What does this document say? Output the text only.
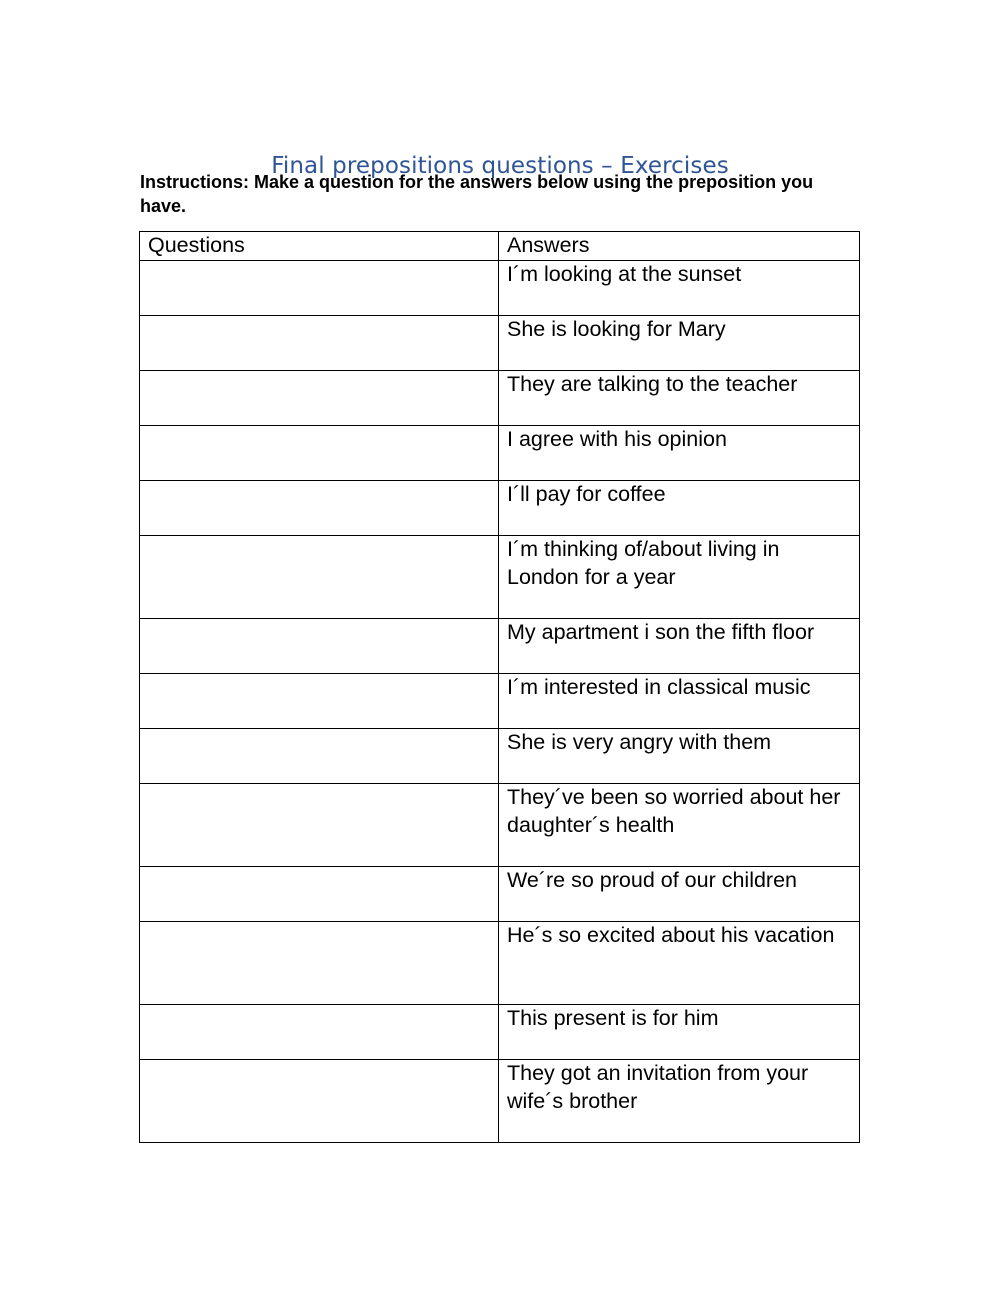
Final prepositions questions – Exercises
Instructions: Make a question for the answers below using the preposition you have.
Questions	Answers
	I´m looking at the sunset
	She is looking for Mary
	They are talking to the teacher
	I agree with his opinion
	I´ll pay for coffee
	I´m thinking of/about living in London for a year
	My apartment i son the fifth floor
	I´m interested in classical music
	She is very angry with them
	They´ve been so worried about her daughter´s health
	We´re so proud of our children
	He´s so excited about his vacation
	This present is for him
	They got an invitation from your wife´s brother
